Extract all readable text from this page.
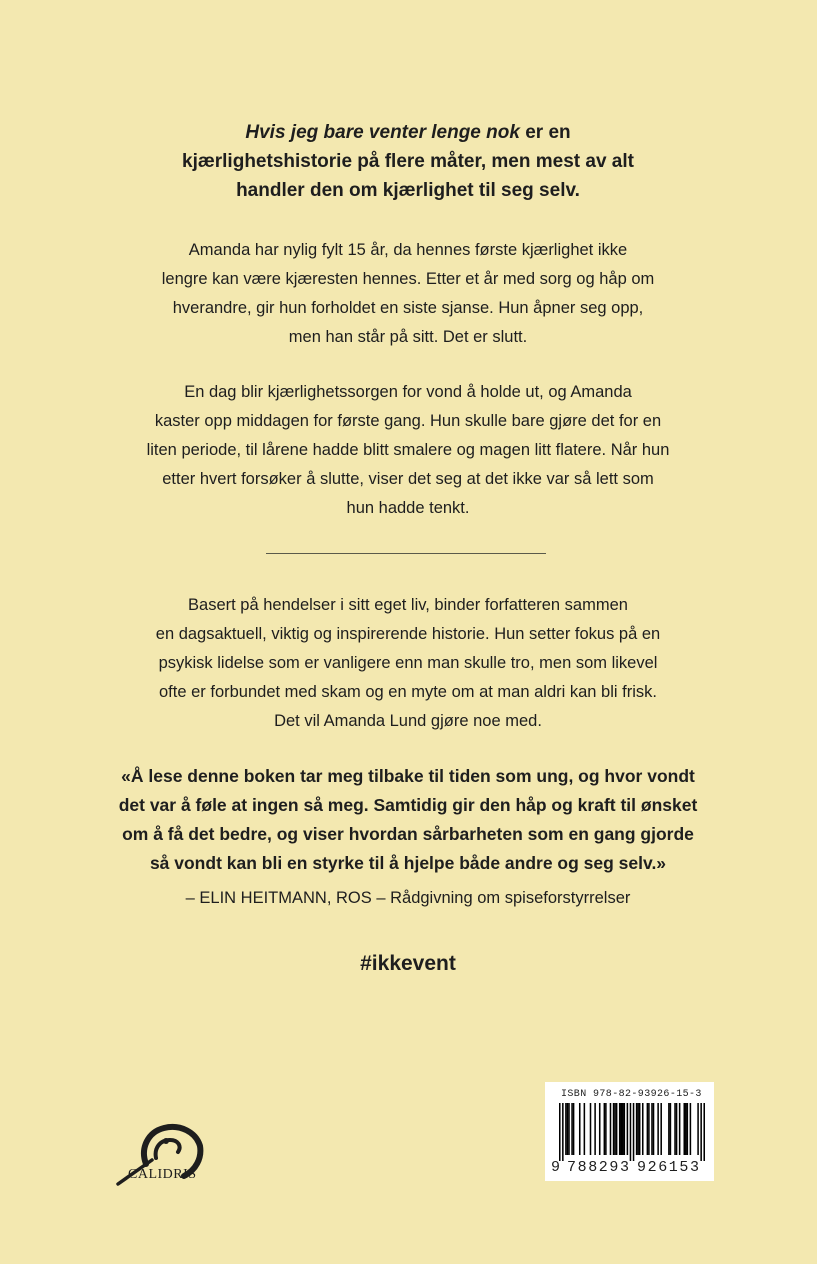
Hvis jeg bare venter lenge nok er en

kjærlighetshistorie på flere måter, men mest av alt

handler den om kjærlighet til seg selv.

Amanda har nylig fylt 15 år, da hennes første kjærlighet ikke

lengre kan være kjæresten hennes. Etter et år med sorg og håp om

hverandre, gir hun forholdet en siste sjanse. Hun åpner seg opp,

men han står på sitt. Det er slutt.

En dag blir kjærlighetssorgen for vond å holde ut, og Amanda

kaster opp middagen for første gang. Hun skulle bare gjøre det for en

liten periode, til lårene hadde blitt smalere og magen litt flatere. Når hun

etter hvert forsøker å slutte, viser det seg at det ikke var så lett som

hun hadde tenkt.

Basert på hendelser i sitt eget liv, binder forfatteren sammen

en dagsaktuell, viktig og inspirerende historie. Hun setter fokus på en

psykisk lidelse som er vanligere enn man skulle tro, men som likevel

ofte er forbundet med skam og en myte om at man aldri kan bli frisk.

Det vil Amanda Lund gjøre noe med.

«Å lese denne boken tar meg tilbake til tiden som ung, og hvor vondt

det var å føle at ingen så meg. Samtidig gir den håp og kraft til ønsket

om å få det bedre, og viser hvordan sårbarheten som en gang gjorde

så vondt kan bli en styrke til å hjelpe både andre og seg selv.»

– ELIN HEITMANN, ROS – Rådgivning om spiseforstyrrelser
#ikkevent
CALIDRIS
ISBN 978-82-93926-15-3
9 788293 926153
